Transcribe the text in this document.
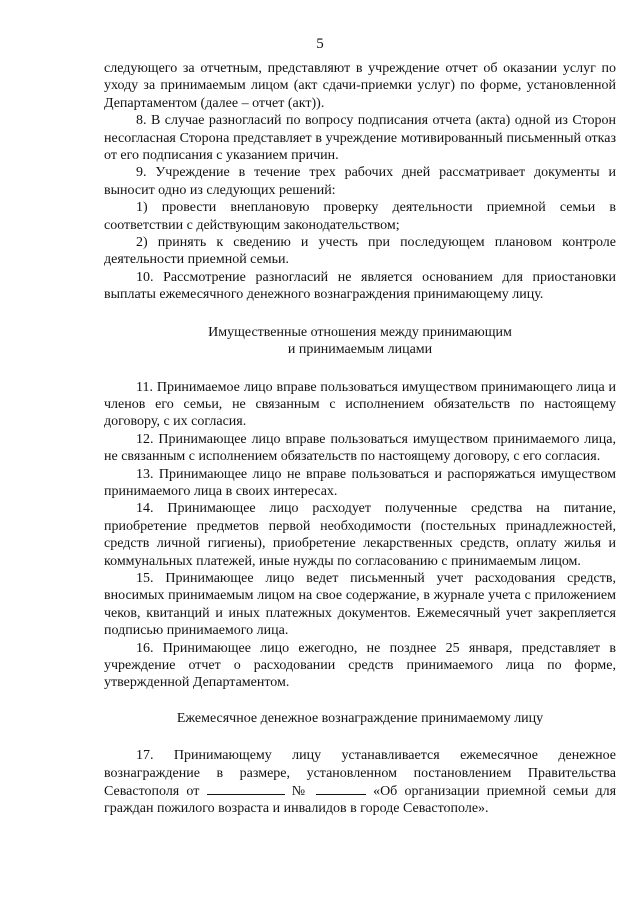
5

следующего за отчетным, представляют в учреждение отчет об оказании услуг по уходу за принимаемым лицом (акт сдачи-приемки услуг) по форме, установленной Департаментом (далее – отчет (акт)).

8. В случае разногласий по вопросу подписания отчета (акта) одной из Сторон несогласная Сторона представляет в учреждение мотивированный письменный отказ от его подписания с указанием причин.

9. Учреждение в течение трех рабочих дней рассматривает документы и выносит одно из следующих решений:

1) провести внеплановую проверку деятельности приемной семьи в соответствии с действующим законодательством;

2) принять к сведению и учесть при последующем плановом контроле деятельности приемной семьи.

10. Рассмотрение разногласий не является основанием для приостановки выплаты ежемесячного денежного вознаграждения принимающему лицу.

Имущественные отношения между принимающим
и принимаемым лицами

11. Принимаемое лицо вправе пользоваться имуществом принимающего лица и членов его семьи, не связанным с исполнением обязательств по настоящему договору, с их согласия.

12. Принимающее лицо вправе пользоваться имуществом принимаемого лица, не связанным с исполнением обязательств по настоящему договору, с его согласия.

13. Принимающее лицо не вправе пользоваться и распоряжаться имуществом принимаемого лица в своих интересах.

14. Принимающее лицо расходует полученные средства на питание, приобретение предметов первой необходимости (постельных принадлежностей, средств личной гигиены), приобретение лекарственных средств, оплату жилья и коммунальных платежей, иные нужды по согласованию с принимаемым лицом.

15. Принимающее лицо ведет письменный учет расходования средств, вносимых принимаемым лицом на свое содержание, в журнале учета с приложением чеков, квитанций и иных платежных документов. Ежемесячный учет закрепляется подписью принимаемого лица.

16. Принимающее лицо ежегодно, не позднее 25 января, представляет в учреждение отчет о расходовании средств принимаемого лица по форме, утвержденной Департаментом.

Ежемесячное денежное вознаграждение принимаемому лицу

17. Принимающему лицу устанавливается ежемесячное денежное вознаграждение в размере, установленном постановлением Правительства Севастополя от	№	«Об организации приемной семьи для граждан пожилого возраста и инвалидов в городе Севастополе».
